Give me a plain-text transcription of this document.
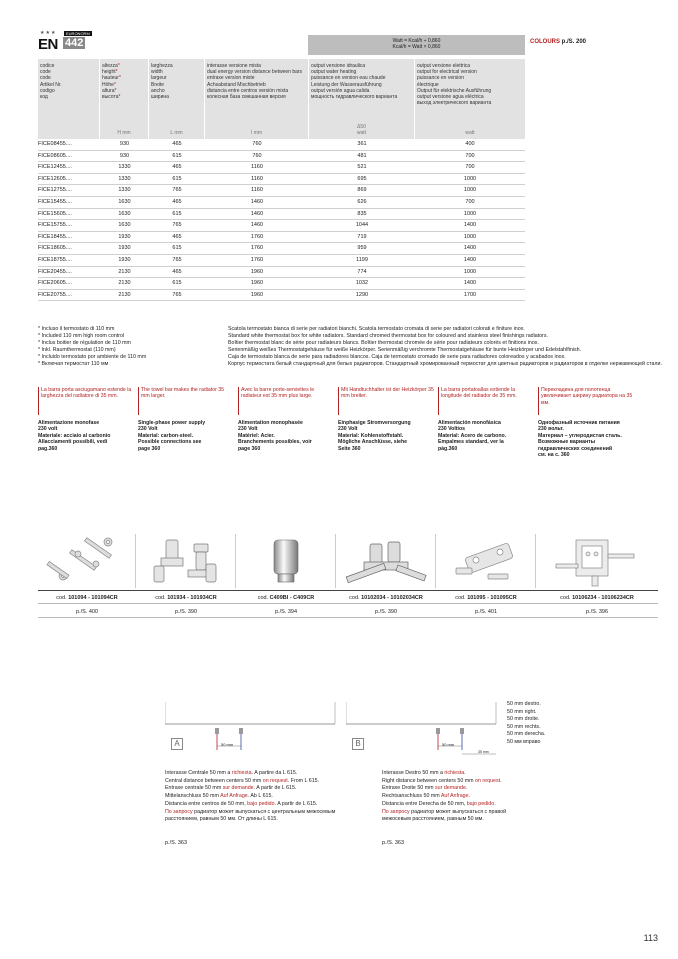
★★★
EN
EURONORM
442	COLOURS p./S. 200
Watt = Kcal/h ÷ 0,860
Kcal/h = Watt × 0,860
codice
code
code
Artikel Nr.
codigo
код
altezza*
height*
hauteur*
Höhe*
altura*
высота*
H mm
larghezza
width
largeur
Breite
ancho
ширина
L mm
interasse versione mista
dual energy version distance between bars
entraxe version mixte
Achsabstand Mischbetrieb
distancia entre centros versión mixta
колесная база смешанная версия
I mm
output versione idraulica
output water heating
puissance en version eau chaude
Leistung der Wasserausführung
output versión agua calida
мощность гидравлического варианта
Δ50
watt
output versione elettrica
output for electrical version
puissance en version
électrique
Output für elektrische Ausführung
output versione agua eléctrica
выход электрического варианта
watt
FICE08455....	930	465	760	361	400
FICE08605....	930	615	760	481	700
FICE12455....	1330	465	1160	521	700
FICE12605....	1330	615	1160	695	1000
FICE12755....	1330	765	1160	869	1000
FICE15455....	1630	465	1460	626	700
FICE15605....	1630	615	1460	835	1000
FICE15755....	1630	765	1460	1044	1400
FICE18455....	1930	465	1760	719	1000
FICE18605....	1930	615	1760	959	1400
FICE18755....	1930	765	1760	1199	1400
FICE20455....	2130	465	1960	774	1000
FICE20605....	2130	615	1960	1032	1400
FICE20755....	2130	765	1960	1290	1700
* Incluso il termostato di 110 mm
* Included 110 mm high room control
* Inclus boitier de régulation de 110 mm
* Inkl. Raumthermostat (110 mm)
* Incluido termostato por ambiente de 110 mm
* Включая термостат 110 мм
Scatola termostato bianca di serie per radiatori bianchi. Scatola termostato cromata di serie per radiatori colorati e finiture inox.
Standard white thermostat box for white radiators. Standard chromed thermostat box for coloured and stainless steel finishings radiators.
Boîtier thermostat blanc de série pour radiateurs blancs. Boîtier thermostat chromée de série pour radiateurs colorés et finitions inox.
Serienmäßig weißes Thermostatgehäuse für weiße Heizkörper. Serienmäßig verchromte Thermostatgehäuse für bunte Heizkörper und Edelstahlfinish.
Caja de termostato blanca de serie para radiadores blancos. Caja de termostato cromado de serie para radiadores coloreados y acabados inox.
Корпус термостата белый стандартный для белых радиаторов. Стандартный хромированный термостат для цветных радиаторов и радиаторов в отделке нержавеющей стали.
La barra porta asciugamano estende la larghezza del radiatore di 35 mm.
The towel bar makes the radiator 35 mm larger.
Avec la barre porte-serviettes le radiateur est 35 mm plus large.
Mit Handtuchhalter ist der Heizkörper 35 mm breiter.
La barra portatoallas extiende la longitude del radiador de 35 mm.
Перекладина для полотенца увеличивает ширину радиатора на 35 мм.
Alimentazione monofase
230 volt
Materiale: acciaio al carbonio
Allacciamenti possibili, vedi
pag.360
Single-phase power supply
230 Volt
Material: carbon-steel.
Possible connections see
page 360
Alimentation monophasée
230 Volt
Matériel: Acier.
Branchements possibles, voir
page 360
Einphasige Stromversorgung
230 Volt
Material: Kohlenstoffstahl.
Mögliche Anschlüsse, siehe
Seite 360
Alimentación monofásica
230 Voltios
Material: Acero de carbono.
Empalmes standard, ver la
pág.360
Однофазный источник питания
230 вольт.
Материал – углеродистая сталь.
Возможные варианты
гидравлических соединений
см. на с. 360
cod. 101094 - 101094CR	cod. 101934 - 101934CR	cod. C409BI - C409CR	cod. 10102034 - 10102034CR	cod. 101095 - 101095CR	cod. 10106234 - 10106234CR
p./S. 400	p./S. 390	p./S. 394	p./S. 390	p./S. 401	p./S. 396
A	50 mm
Interasse Centrale 50 mm a richiesta. A partire da L 615.
Central distance between centers 50 mm on request. From L 615.
Entraxe centrale 50 mm sur demande. A partir de L 615.
Mittelanschluss 50 mm Auf Anfrage. Ab L 615.
Distancia entre centros de 50 mm, bajo pedido. A partir de L 615.
По запросу радиатор может выпускаться с центральным межосевым
расстоянием, равным 50 мм. От длины L 615.
p./S. 363
B	50 mm
35 mm
50 mm destro.
50 mm right.
50 mm droite.
50 mm rechts.
50 mm derecha.
50 мм вправо
Interasse Destro 50 mm a richiesta.
Right distance between centers 50 mm on request.
Entraxe Droite 50 mm sur demande.
Rechtsanschluss 50 mm Auf Anfrage.
Distancia entre Derecha de 50 mm, bajo pedido.
По запросу радиатор может выпускаться с правой
межосевым расстоянием, равным 50 мм.
p./S. 363
113
